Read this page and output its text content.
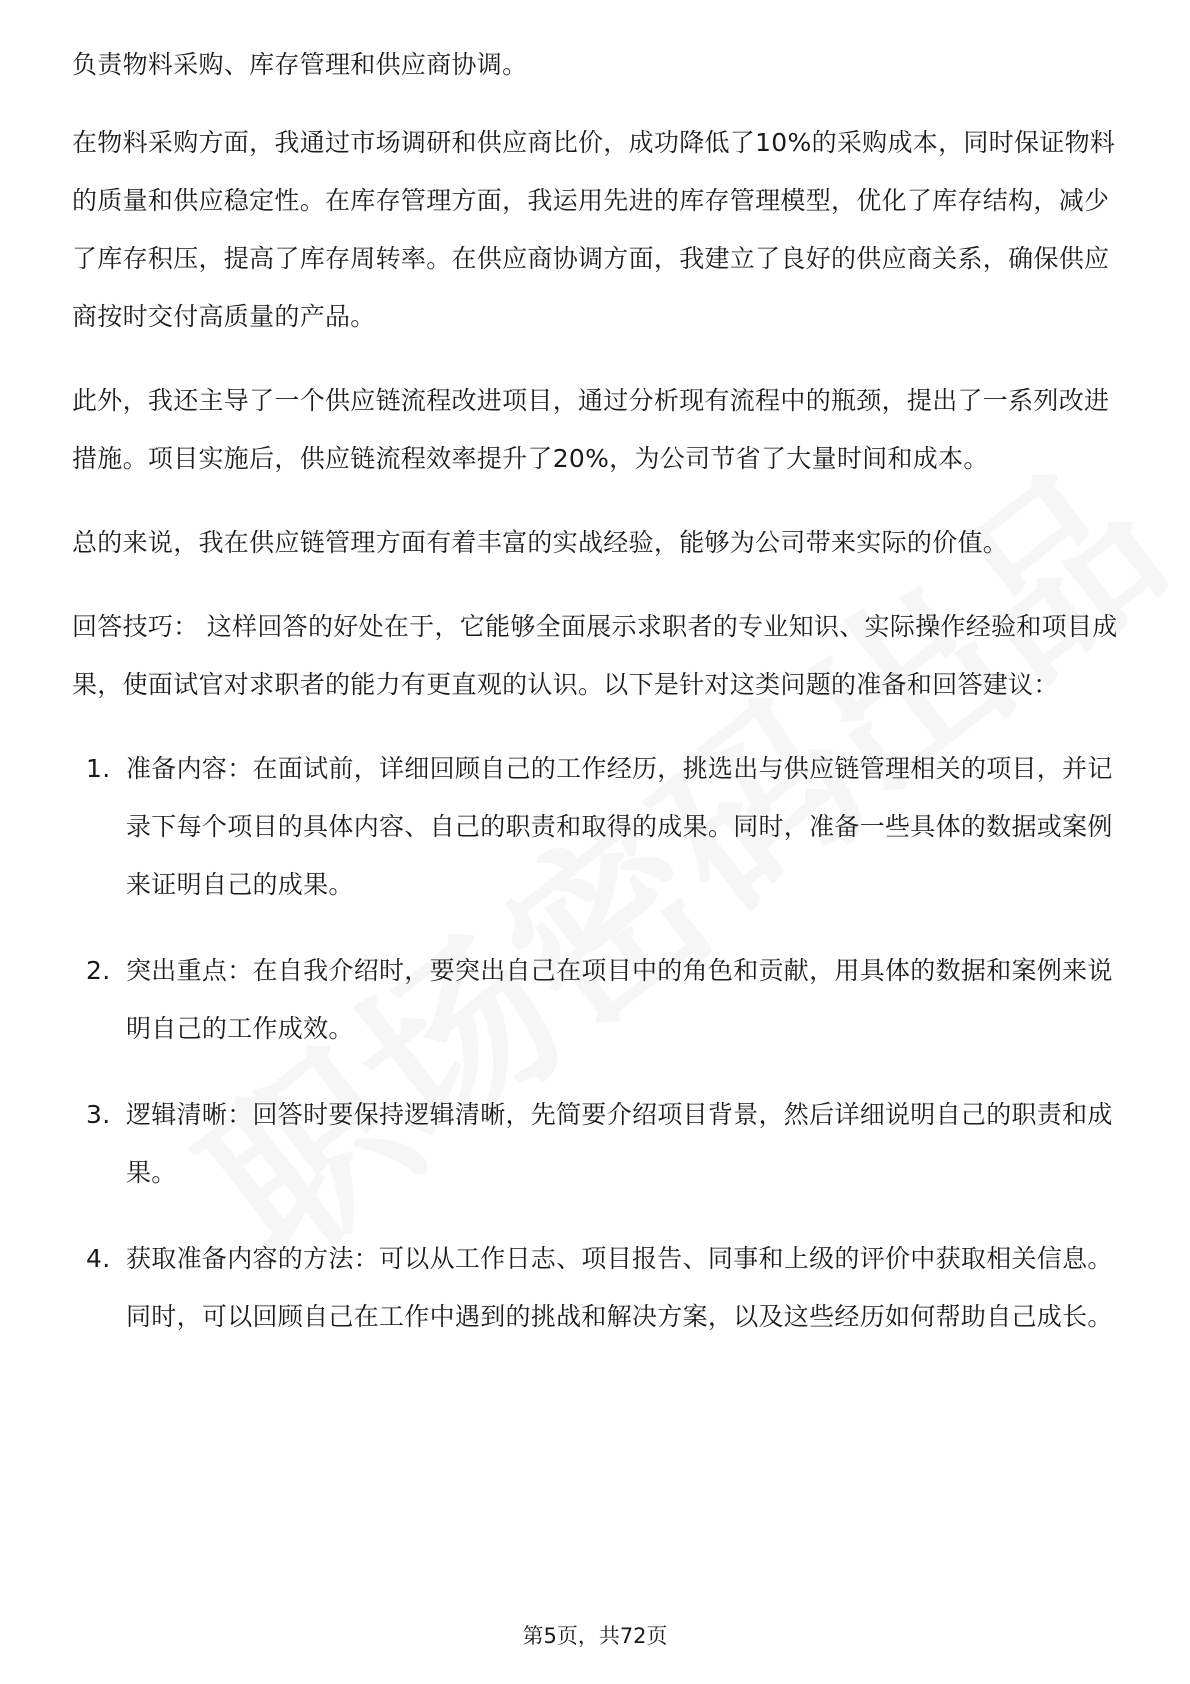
负责物料采购、库存管理和供应商协调。

在物料采购方面，我通过市场调研和供应商比价，成功降低了10%的采购成本，同时保证物料的质量和供应稳定性。在库存管理方面，我运用先进的库存管理模型，优化了库存结构，减少了库存积压，提高了库存周转率。在供应商协调方面，我建立了良好的供应商关系，确保供应商按时交付高质量的产品。

此外，我还主导了一个供应链流程改进项目，通过分析现有流程中的瓶颈，提出了一系列改进措施。项目实施后，供应链流程效率提升了20%，为公司节省了大量时间和成本。

总的来说，我在供应链管理方面有着丰富的实战经验，能够为公司带来实际的价值。

回答技巧： 这样回答的好处在于，它能够全面展示求职者的专业知识、实际操作经验和项目成果，使面试官对求职者的能力有更直观的认识。以下是针对这类问题的准备和回答建议：

1. 准备内容：在面试前，详细回顾自己的工作经历，挑选出与供应链管理相关的项目，并记录下每个项目的具体内容、自己的职责和取得的成果。同时，准备一些具体的数据或案例来证明自己的成果。
2. 突出重点：在自我介绍时，要突出自己在项目中的角色和贡献，用具体的数据和案例来说明自己的工作成效。
3. 逻辑清晰：回答时要保持逻辑清晰，先简要介绍项目背景，然后详细说明自己的职责和成果。
4. 获取准备内容的方法：可以从工作日志、项目报告、同事和上级的评价中获取相关信息。同时，可以回顾自己在工作中遇到的挑战和解决方案，以及这些经历如何帮助自己成长。
第5页，共72页
